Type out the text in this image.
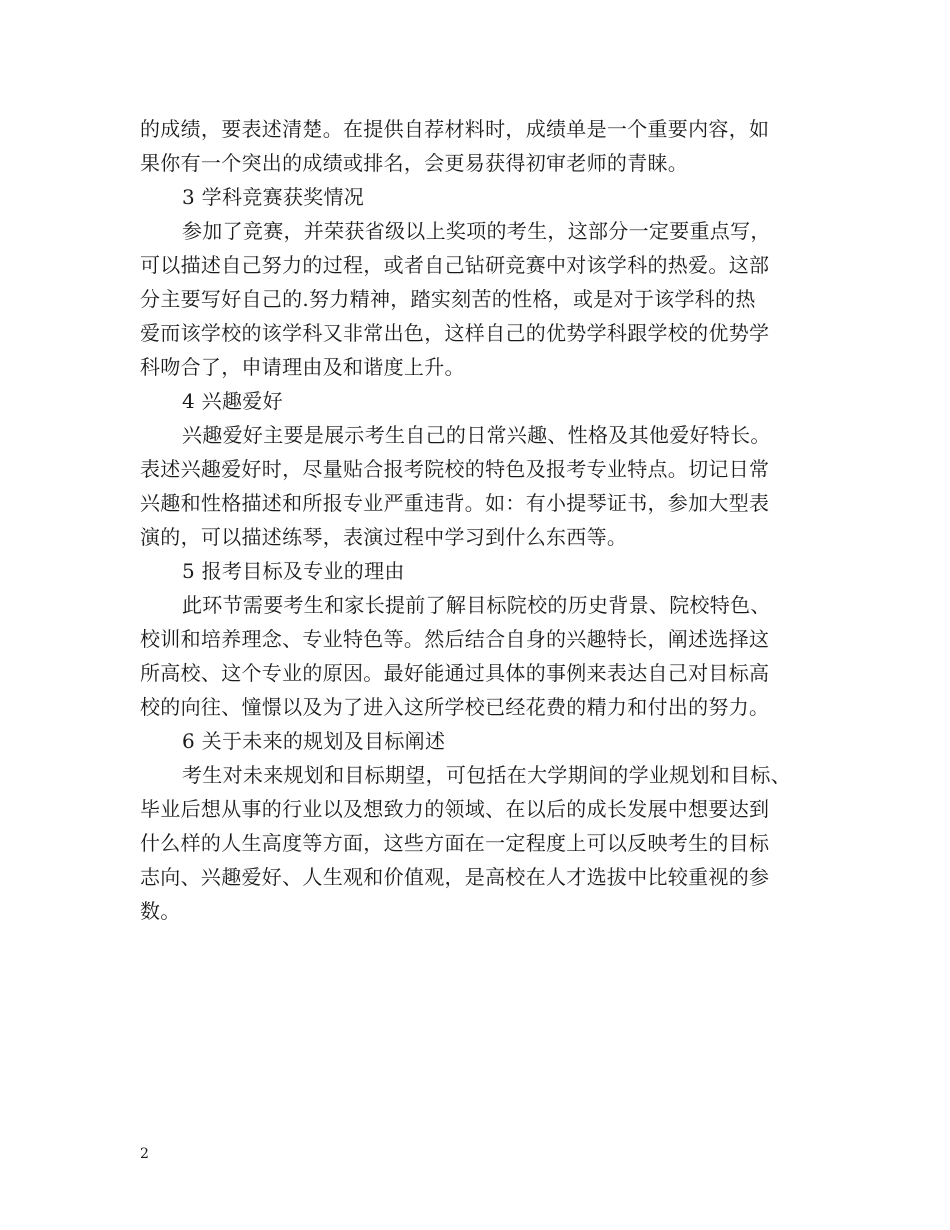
的成绩，要表述清楚。在提供自荐材料时，成绩单是一个重要内容，如
果你有一个突出的成绩或排名，会更易获得初审老师的青睐。
3 学科竞赛获奖情况
参加了竞赛，并荣获省级以上奖项的考生，这部分一定要重点写，
可以描述自己努力的过程，或者自己钻研竞赛中对该学科的热爱。这部
分主要写好自己的.努力精神，踏实刻苦的性格，或是对于该学科的热
爱而该学校的该学科又非常出色，这样自己的优势学科跟学校的优势学
科吻合了，申请理由及和谐度上升。
4 兴趣爱好
兴趣爱好主要是展示考生自己的日常兴趣、性格及其他爱好特长。
表述兴趣爱好时，尽量贴合报考院校的特色及报考专业特点。切记日常
兴趣和性格描述和所报专业严重违背。如：有小提琴证书，参加大型表
演的，可以描述练琴，表演过程中学习到什么东西等。
5 报考目标及专业的理由
此环节需要考生和家长提前了解目标院校的历史背景、院校特色、
校训和培养理念、专业特色等。然后结合自身的兴趣特长，阐述选择这
所高校、这个专业的原因。最好能通过具体的事例来表达自己对目标高
校的向往、憧憬以及为了进入这所学校已经花费的精力和付出的努力。
6 关于未来的规划及目标阐述
考生对未来规划和目标期望，可包括在大学期间的学业规划和目标、
毕业后想从事的行业以及想致力的领域、在以后的成长发展中想要达到
什么样的人生高度等方面，这些方面在一定程度上可以反映考生的目标
志向、兴趣爱好、人生观和价值观，是高校在人才选拔中比较重视的参
数。
2
